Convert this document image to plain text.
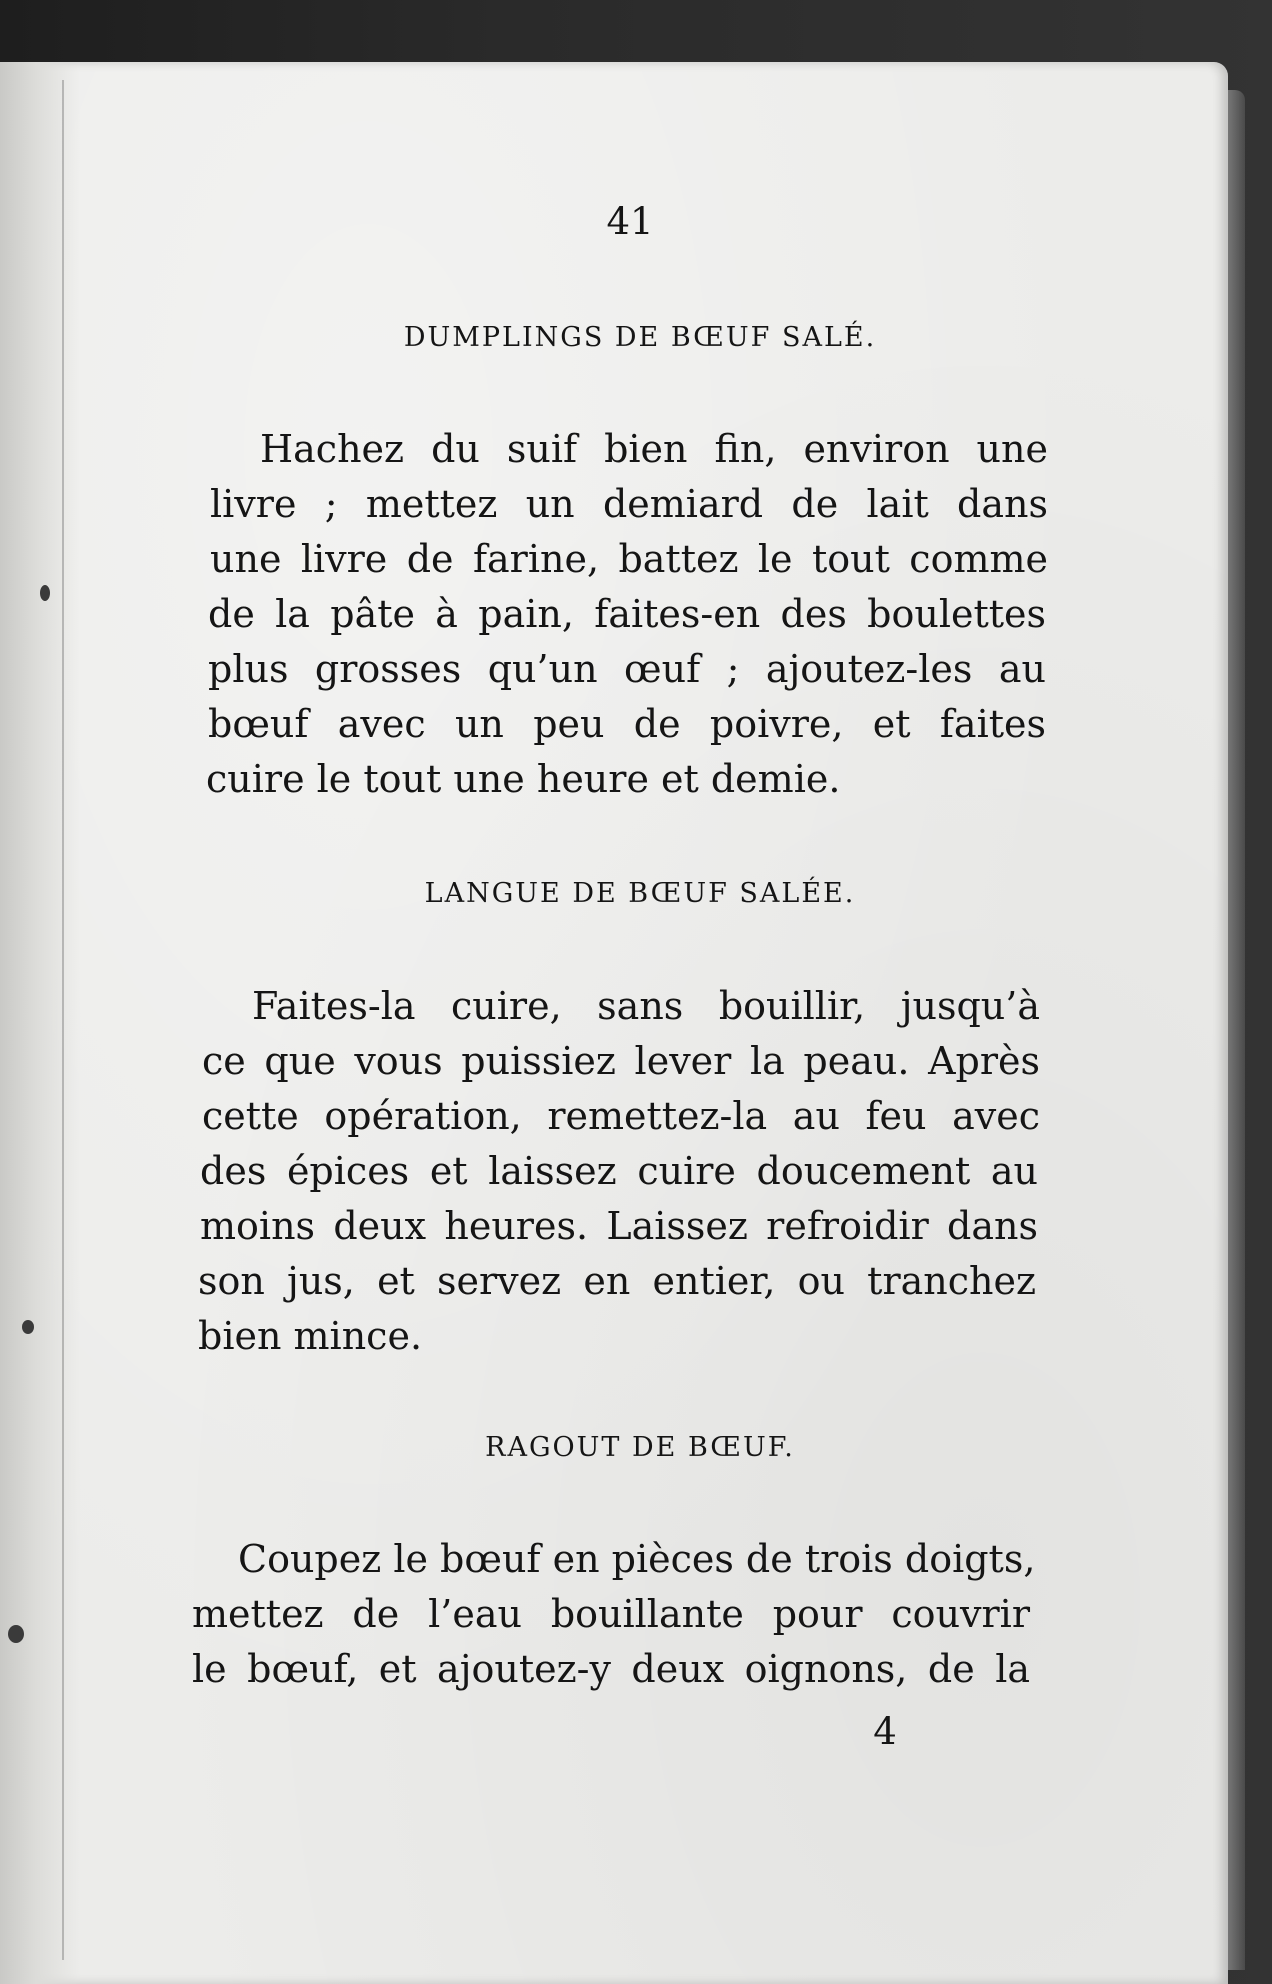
41
DUMPLINGS DE BŒUF SALÉ.
Hachez du suif bien fin, environ une
livre ; mettez un demiard de lait dans
une livre de farine, battez le tout comme
de la pâte à pain, faites-en des boulettes
plus grosses qu’un œuf ; ajoutez-les au
bœuf avec un peu de poivre, et faites
cuire le tout une heure et demie.
LANGUE DE BŒUF SALÉE.
Faites-la cuire, sans bouillir, jusqu’à
ce que vous puissiez lever la peau. Après
cette opération, remettez-la au feu avec
des épices et laissez cuire doucement au
moins deux heures. Laissez refroidir dans
son jus, et servez en entier, ou tranchez
bien mince.
RAGOUT DE BŒUF.
Coupez le bœuf en pièces de trois doigts,
mettez de l’eau bouillante pour couvrir
le bœuf, et ajoutez-y deux oignons, de la
4
